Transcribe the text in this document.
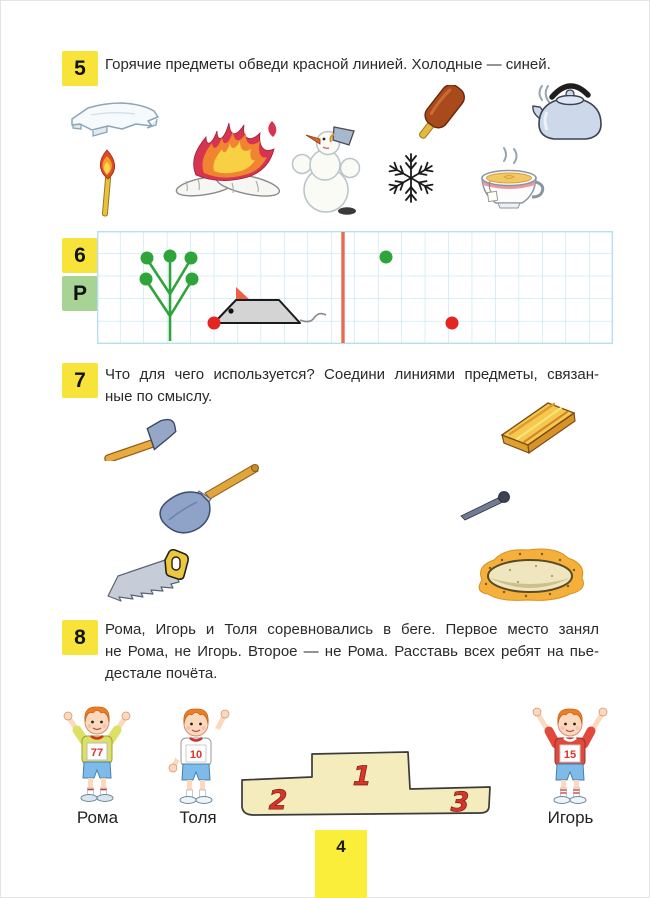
5 Горячие предметы обведи красной линией. Холодные — синей.
6
Р
7 Что для чего используется? Соедини линиями предметы, связан-
ные по смыслу.
8 Рома, Игорь и Толя соревновались в беге. Первое место занял
не Рома, не Игорь. Второе — не Рома. Расставь всех ребят на пье-
дестале почёта.
77	10
1
2	3
15
Рома	Толя	Игорь
4
